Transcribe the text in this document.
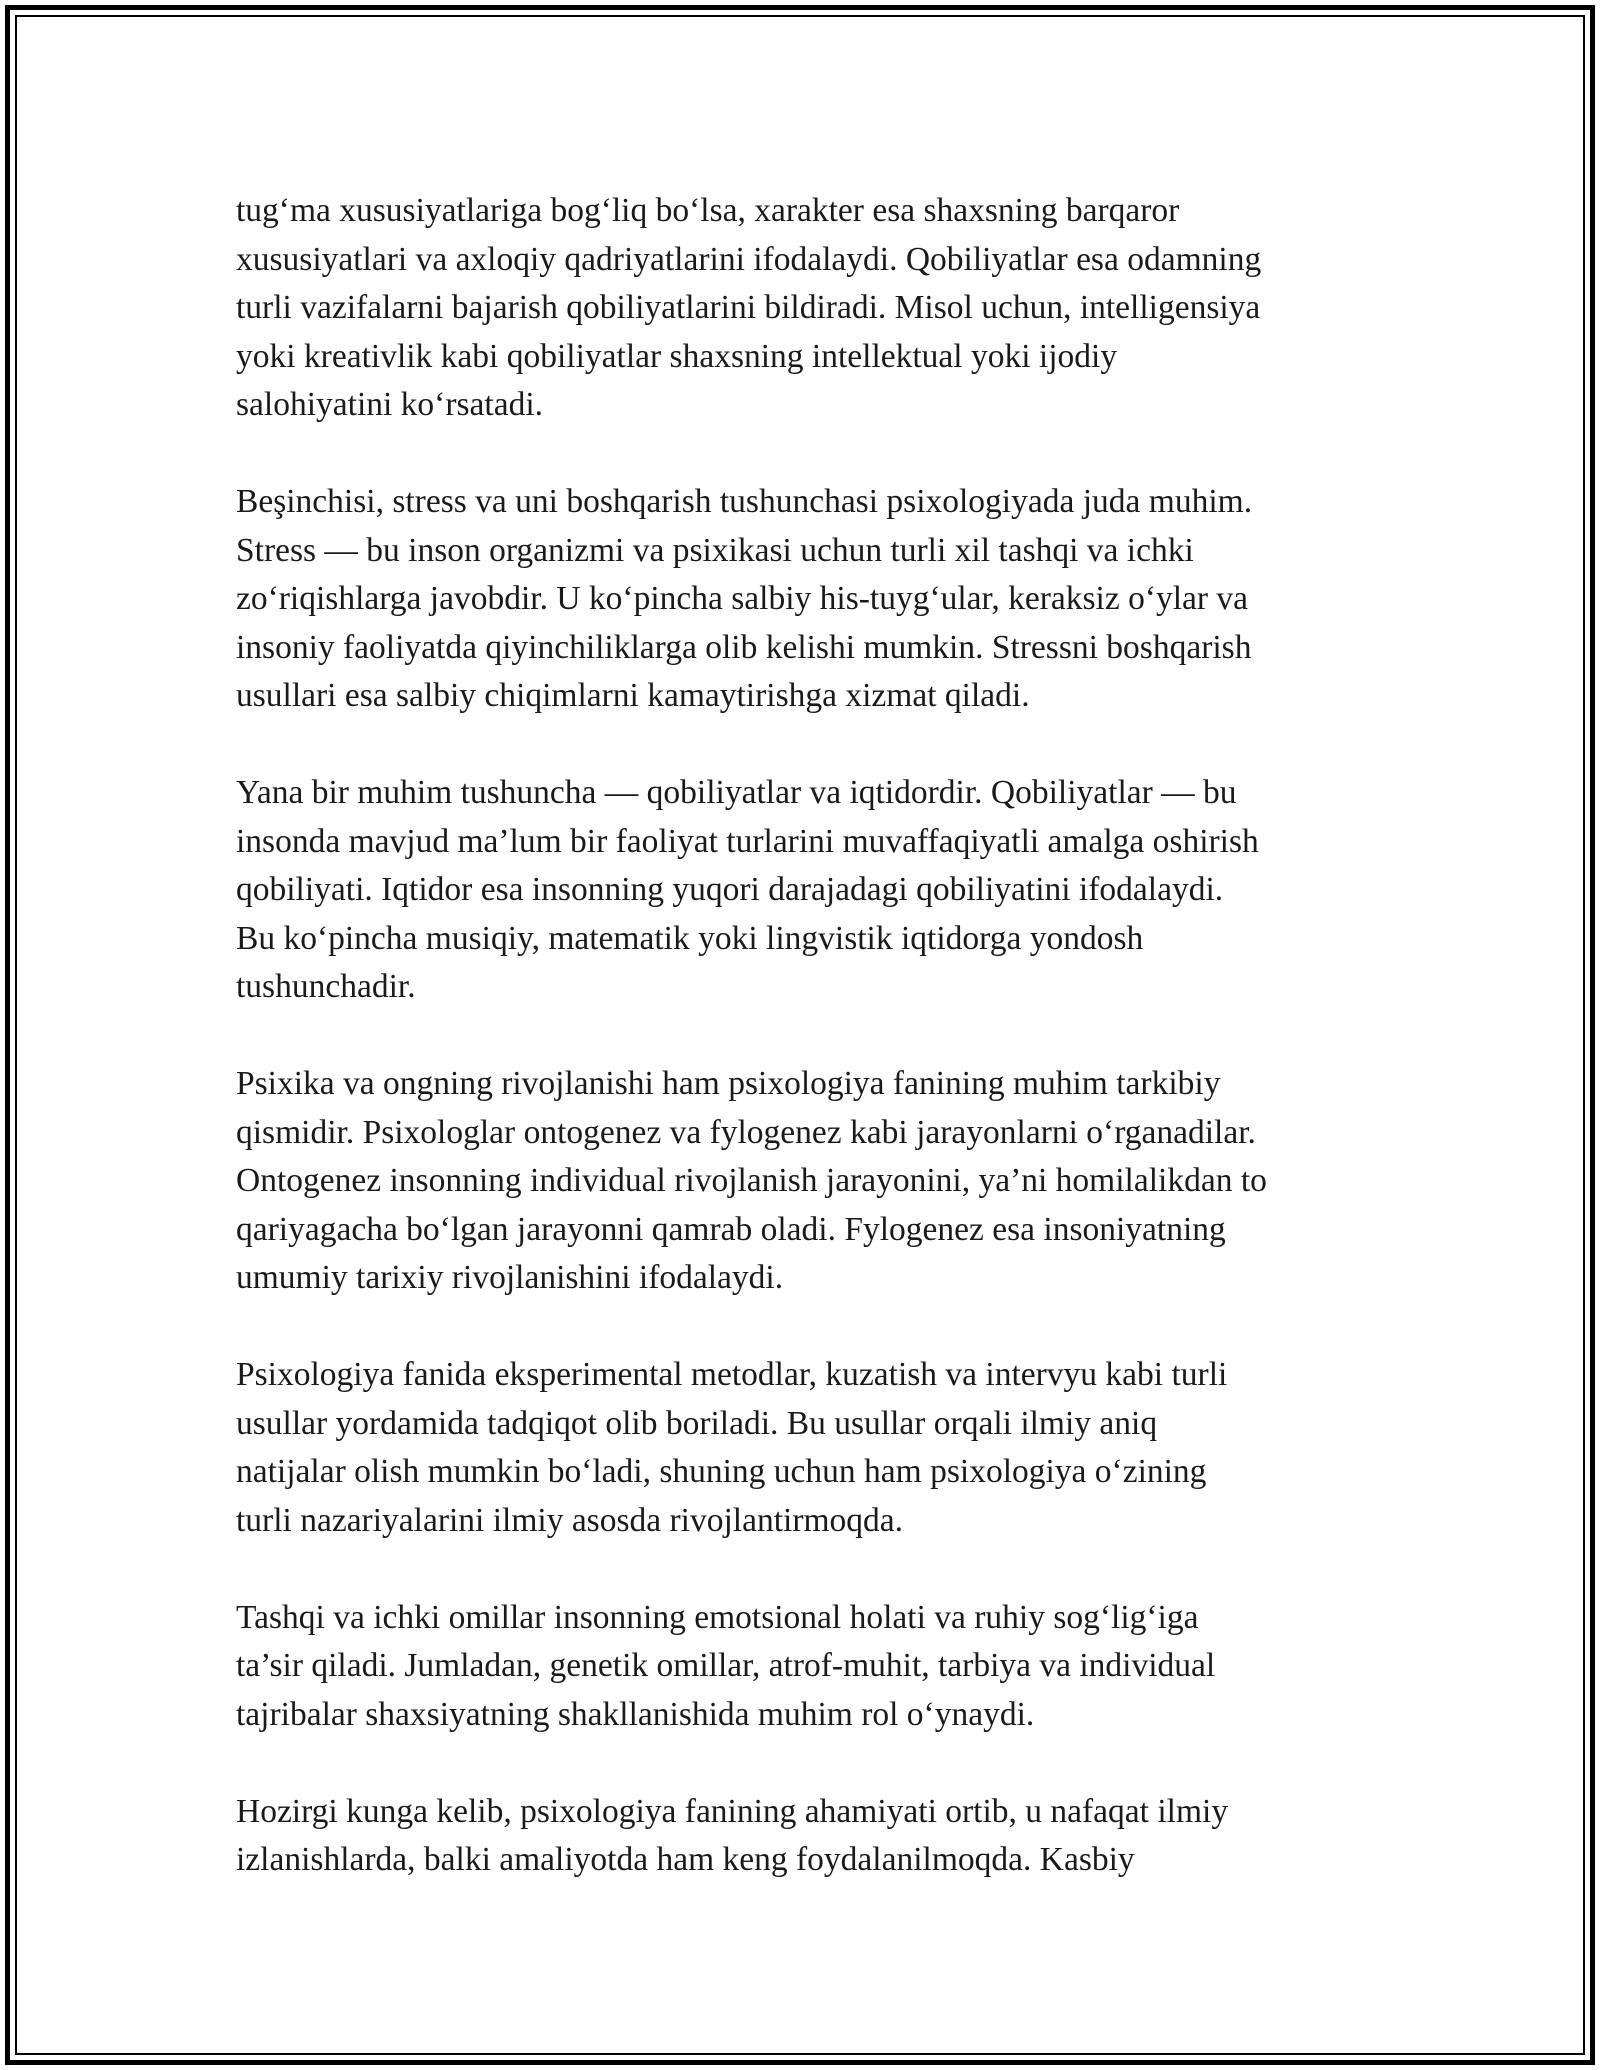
tug‘ma xususiyatlariga bog‘liq bo‘lsa, xarakter esa shaxsning barqaror
xususiyatlari va axloqiy qadriyatlarini ifodalaydi. Qobiliyatlar esa odamning
turli vazifalarni bajarish qobiliyatlarini bildiradi. Misol uchun, intelligensiya
yoki kreativlik kabi qobiliyatlar shaxsning intellektual yoki ijodiy
salohiyatini ko‘rsatadi.

Beşinchisi, stress va uni boshqarish tushunchasi psixologiyada juda muhim.
Stress — bu inson organizmi va psixikasi uchun turli xil tashqi va ichki
zo‘riqishlarga javobdir. U ko‘pincha salbiy his-tuyg‘ular, keraksiz o‘ylar va
insoniy faoliyatda qiyinchiliklarga olib kelishi mumkin. Stressni boshqarish
usullari esa salbiy chiqimlarni kamaytirishga xizmat qiladi.

Yana bir muhim tushuncha — qobiliyatlar va iqtidordir. Qobiliyatlar — bu
insonda mavjud ma’lum bir faoliyat turlarini muvaffaqiyatli amalga oshirish
qobiliyati. Iqtidor esa insonning yuqori darajadagi qobiliyatini ifodalaydi.
Bu ko‘pincha musiqiy, matematik yoki lingvistik iqtidorga yondosh
tushunchadir.

Psixika va ongning rivojlanishi ham psixologiya fanining muhim tarkibiy
qismidir. Psixologlar ontogenez va fylogenez kabi jarayonlarni o‘rganadilar.
Ontogenez insonning individual rivojlanish jarayonini, ya’ni homilalikdan to
qariyagacha bo‘lgan jarayonni qamrab oladi. Fylogenez esa insoniyatning
umumiy tarixiy rivojlanishini ifodalaydi.

Psixologiya fanida eksperimental metodlar, kuzatish va intervyu kabi turli
usullar yordamida tadqiqot olib boriladi. Bu usullar orqali ilmiy aniq
natijalar olish mumkin bo‘ladi, shuning uchun ham psixologiya o‘zining
turli nazariyalarini ilmiy asosda rivojlantirmoqda.

Tashqi va ichki omillar insonning emotsional holati va ruhiy sog‘lig‘iga
ta’sir qiladi. Jumladan, genetik omillar, atrof-muhit, tarbiya va individual
tajribalar shaxsiyatning shakllanishida muhim rol o‘ynaydi.

Hozirgi kunga kelib, psixologiya fanining ahamiyati ortib, u nafaqat ilmiy
izlanishlarda, balki amaliyotda ham keng foydalanilmoqda. Kasbiy
